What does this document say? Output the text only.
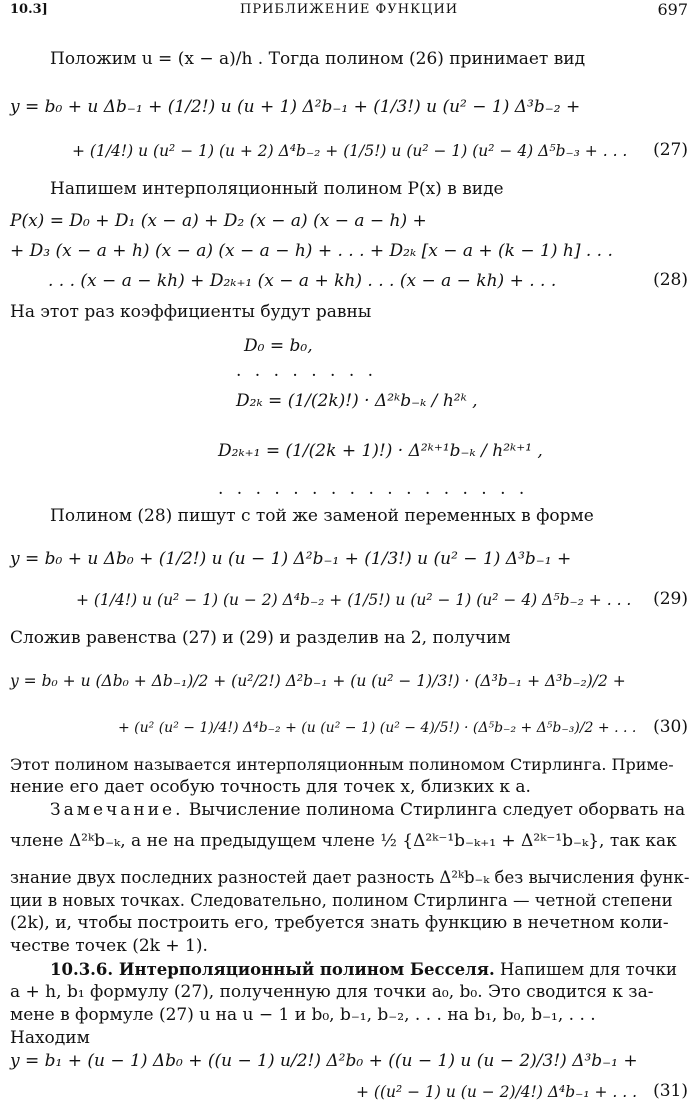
10.3]	ПРИБЛИЖЕНИЕ ФУНКЦИИ	697
Положим u = (x − a)/h . Тогда полином (26) принимает вид
y = b₀ + u Δb₋₁ + (1/2!) u (u + 1) Δ²b₋₁ + (1/3!) u (u² − 1) Δ³b₋₂ +
+ (1/4!) u (u² − 1) (u + 2) Δ⁴b₋₂ + (1/5!) u (u² − 1) (u² − 4) Δ⁵b₋₃ + . . . (27)
Напишем интерполяционный полином P(x) в виде
P(x) = D₀ + D₁ (x − a) + D₂ (x − a) (x − a − h) +
+ D₃ (x − a + h) (x − a) (x − a − h) + . . . + D₂ₖ [x − a + (k − 1) h] . . .
. . . (x − a − kh) + D₂ₖ₊₁ (x − a + kh) . . . (x − a − kh) + . . .	(28)
На этот раз коэффициенты будут равны
D₀ = b₀,
. . . . . . . .
D₂ₖ = (1/(2k)!) · Δ²ᵏb₋ₖ / h²ᵏ ,
D₂ₖ₊₁ = (1/(2k + 1)!) · Δ²ᵏ⁺¹b₋ₖ / h²ᵏ⁺¹ ,
. . . . . . . . . . . . . . . . .
Полином (28) пишут с той же заменой переменных в форме
y = b₀ + u Δb₀ + (1/2!) u (u − 1) Δ²b₋₁ + (1/3!) u (u² − 1) Δ³b₋₁ +
+ (1/4!) u (u² − 1) (u − 2) Δ⁴b₋₂ + (1/5!) u (u² − 1) (u² − 4) Δ⁵b₋₂ + . . . (29)
Сложив равенства (27) и (29) и разделив на 2, получим
y = b₀ + u (Δb₀ + Δb₋₁)/2 + (u²/2!) Δ²b₋₁ + (u (u² − 1)/3!) · (Δ³b₋₁ + Δ³b₋₂)/2 +
+ (u² (u² − 1)/4!) Δ⁴b₋₂ + (u (u² − 1) (u² − 4)/5!) · (Δ⁵b₋₂ + Δ⁵b₋₃)/2 + . . . (30)
Этот полином называется интерполяционным полиномом Стирлинга. Приме-
нение его дает особую точность для точек x, близких к a.
Замечание. Вычисление полинома Стирлинга следует оборвать на
члене Δ²ᵏb₋ₖ, а не на предыдущем члене ½ {Δ²ᵏ⁻¹b₋ₖ₊₁ + Δ²ᵏ⁻¹b₋ₖ}, так как
знание двух последних разностей дает разность Δ²ᵏb₋ₖ без вычисления функ-
ции в новых точках. Следовательно, полином Стирлинга — четной степени
(2k), и, чтобы построить его, требуется знать функцию в нечетном коли-
честве точек (2k + 1).
10.3.6. Интерполяционный полином Бесселя. Напишем для точки
a + h, b₁ формулу (27), полученную для точки a₀, b₀. Это сводится к за-
мене в формуле (27) u на u − 1 и b₀, b₋₁, b₋₂, . . . на b₁, b₀, b₋₁, . . .
Находим
y = b₁ + (u − 1) Δb₀ + ((u − 1) u/2!) Δ²b₀ + ((u − 1) u (u − 2)/3!) Δ³b₋₁ +
+ ((u² − 1) u (u − 2)/4!) Δ⁴b₋₁ + . . . (31)
